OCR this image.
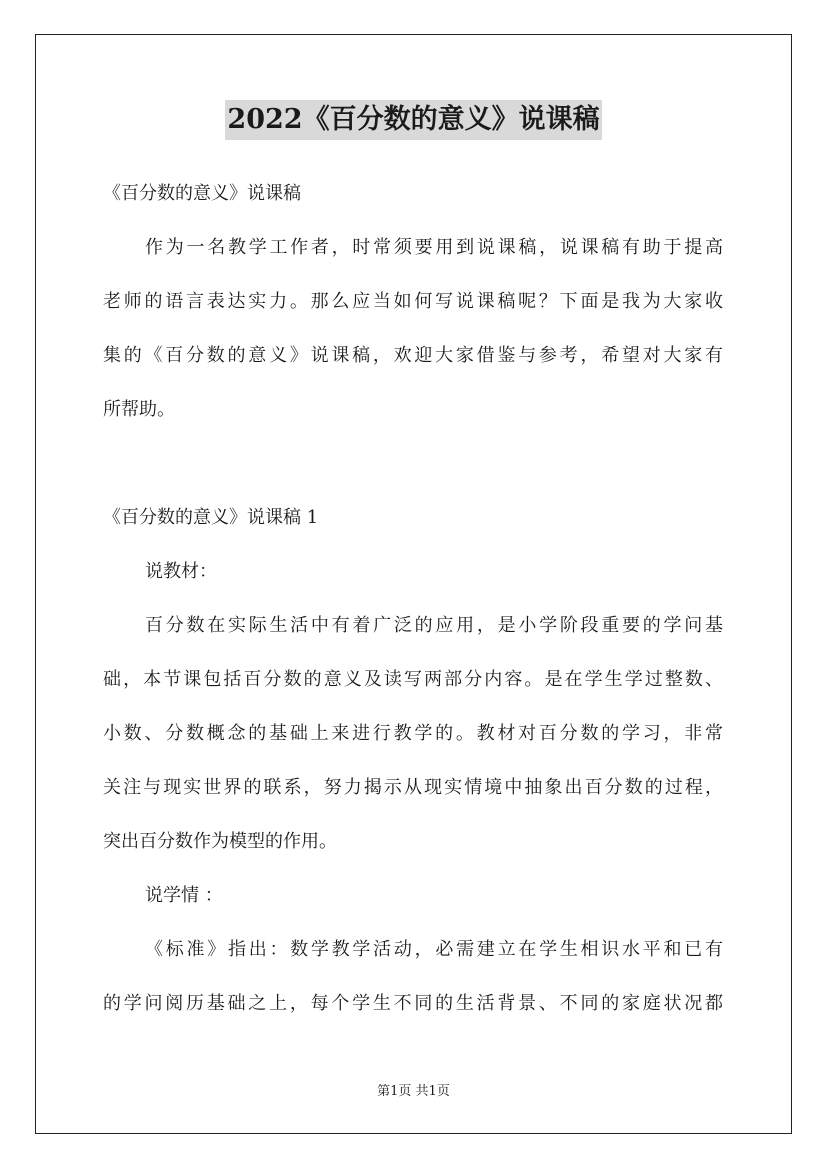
2022《百分数的意义》说课稿
《百分数的意义》说课稿
作为一名教学工作者，时常须要用到说课稿，说课稿有助于提高
老师的语言表达实力。那么应当如何写说课稿呢？下面是我为大家收
集的《百分数的意义》说课稿，欢迎大家借鉴与参考，希望对大家有
所帮助。
《百分数的意义》说课稿 1
说教材：
百分数在实际生活中有着广泛的应用，是小学阶段重要的学问基
础，本节课包括百分数的意义及读写两部分内容。是在学生学过整数、
小数、分数概念的基础上来进行教学的。教材对百分数的学习，非常
关注与现实世界的联系，努力揭示从现实情境中抽象出百分数的过程，
突出百分数作为模型的作用。
说学情 ：
《标准》指出：数学教学活动，必需建立在学生相识水平和已有
的学问阅历基础之上，每个学生不同的生活背景、不同的家庭状况都
第1页 共1页
